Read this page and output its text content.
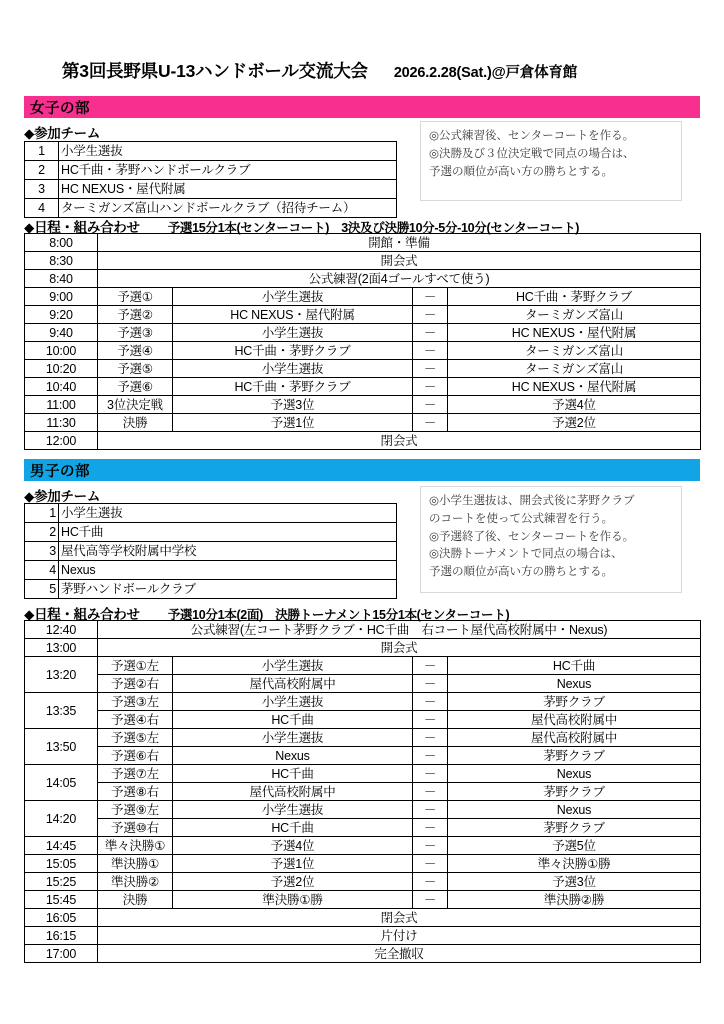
第3回長野県U-13ハンドボール交流大会 2026.2.28(Sat.)@戸倉体育館
女子の部
◆参加チーム
1	小学生選抜
2	HC千曲・茅野ハンドボールクラブ
3	HC NEXUS・屋代附属
4	ターミガンズ富山ハンドボールクラブ（招待チーム）
◎公式練習後、センターコートを作る。
◎決勝及び３位決定戦で同点の場合は、
予選の順位が高い方の勝ちとする。
◆日程・組み合わせ 予選15分1本(センターコート)　3決及び決勝10分-5分-10分(センターコート)
8:00	開館・準備			
8:30	開会式			
8:40	公式練習(2面4ゴールすべて使う)			
9:00	予選①	小学生選抜	－	HC千曲・茅野クラブ
9:20	予選②	HC NEXUS・屋代附属	－	ターミガンズ富山
9:40	予選③	小学生選抜	－	HC NEXUS・屋代附属
10:00	予選④	HC千曲・茅野クラブ	－	ターミガンズ富山
10:20	予選⑤	小学生選抜	－	ターミガンズ富山
10:40	予選⑥	HC千曲・茅野クラブ	－	HC NEXUS・屋代附属
11:00	3位決定戦	予選3位	－	予選4位
11:30	決勝	予選1位	－	予選2位
12:00	閉会式			
男子の部
◆参加チーム
1	小学生選抜
2	HC千曲
3	屋代高等学校附属中学校
4	Nexus
5	茅野ハンドボールクラブ
◎小学生選抜は、開会式後に茅野クラブ
のコートを使って公式練習を行う。
◎予選終了後、センターコートを作る。
◎決勝トーナメントで同点の場合は、
予選の順位が高い方の勝ちとする。
◆日程・組み合わせ 予選10分1本(2面)　決勝トーナメント15分1本(センターコート)
12:40	公式練習(左コート茅野クラブ・HC千曲　右コート屋代高校附属中・Nexus)			
13:00	開会式			
13:20	予選①左	小学生選抜	－	HC千曲
	予選②右	屋代高校附属中	－	Nexus
13:35	予選③左	小学生選抜	－	茅野クラブ
	予選④右	HC千曲	－	屋代高校附属中
13:50	予選⑤左	小学生選抜	－	屋代高校附属中
	予選⑥右	Nexus	－	茅野クラブ
14:05	予選⑦左	HC千曲	－	Nexus
	予選⑧右	屋代高校附属中	－	茅野クラブ
14:20	予選⑨左	小学生選抜	－	Nexus
	予選⑩右	HC千曲	－	茅野クラブ
14:45	準々決勝①	予選4位	－	予選5位
15:05	準決勝①	予選1位	－	準々決勝①勝
15:25	準決勝②	予選2位	－	予選3位
15:45	決勝	準決勝①勝	－	準決勝②勝
16:05	閉会式			
16:15	片付け			
17:00	完全撤収			
